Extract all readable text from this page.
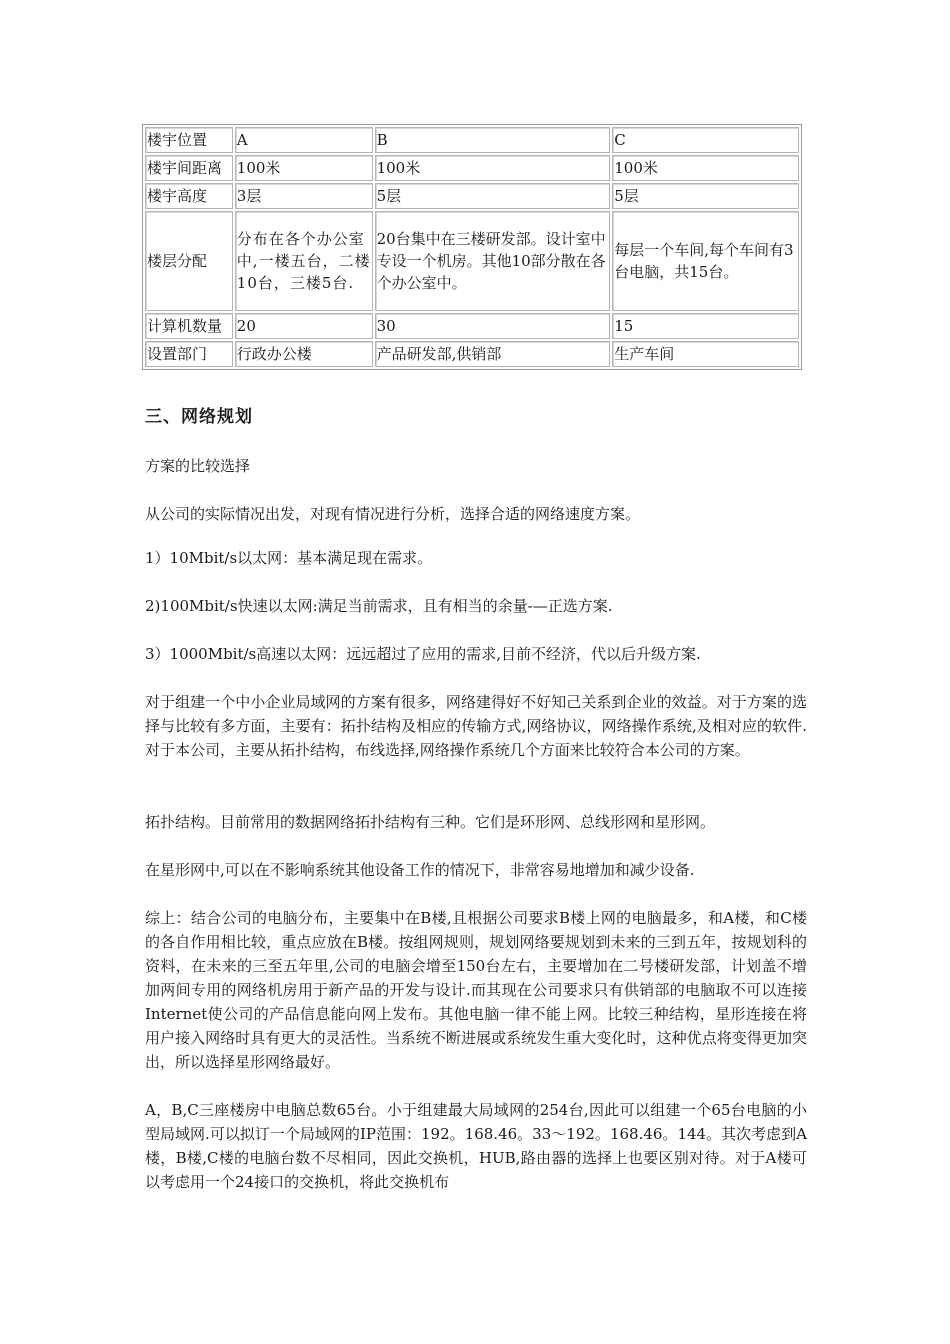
楼宇位置	A	B	C
楼宇间距离	100米	100米	100米
楼宇高度	3层	5层	5层
楼层分配	分布在各个办公室中,一楼五台，二楼10台，三楼5台.	20台集中在三楼研发部。设计室中专设一个机房。其他10部分散在各个办公室中。	每层一个车间,每个车间有3台电脑，共15台。
计算机数量	20	30	15
设置部门	行政办公楼	产品研发部,供销部	生产车间
三、网络规划

方案的比较选择

从公司的实际情况出发，对现有情况进行分析，选择合适的网络速度方案。

1）10Mbit/s以太网：基本满足现在需求。

2)100Mbit/s快速以太网:满足当前需求，且有相当的余量-—正选方案.

3）1000Mbit/s高速以太网：远远超过了应用的需求,目前不经济，代以后升级方案.

对于组建一个中小企业局域网的方案有很多，网络建得好不好知己关系到企业的效益。对于方案的选择与比较有多方面，主要有：拓扑结构及相应的传输方式,网络协议，网络操作系统,及相对应的软件.对于本公司，主要从拓扑结构，布线选择,网络操作系统几个方面来比较符合本公司的方案。

拓扑结构。目前常用的数据网络拓扑结构有三种。它们是环形网、总线形网和星形网。

在星形网中,可以在不影响系统其他设备工作的情况下，非常容易地增加和减少设备.

综上：结合公司的电脑分布，主要集中在B楼,且根据公司要求B楼上网的电脑最多，和A楼，和C楼的各自作用相比较，重点应放在B楼。按组网规则，规划网络要规划到未来的三到五年，按规划科的资料，在未来的三至五年里,公司的电脑会增至150台左右，主要增加在二号楼研发部，计划盖不增加两间专用的网络机房用于新产品的开发与设计.而其现在公司要求只有供销部的电脑取不可以连接Internet使公司的产品信息能向网上发布。其他电脑一律不能上网。比较三种结构，星形连接在将用户接入网络时具有更大的灵活性。当系统不断进展或系统发生重大变化时，这种优点将变得更加突出，所以选择星形网络最好。

A，B,C三座楼房中电脑总数65台。小于组建最大局域网的254台,因此可以组建一个65台电脑的小型局域网.可以拟订一个局域网的IP范围：192。168.46。33～192。168.46。144。其次考虑到A楼，B楼,C楼的电脑台数不尽相同，因此交换机，HUB,路由器的选择上也要区别对待。对于A楼可以考虑用一个24接口的交换机，将此交换机布
